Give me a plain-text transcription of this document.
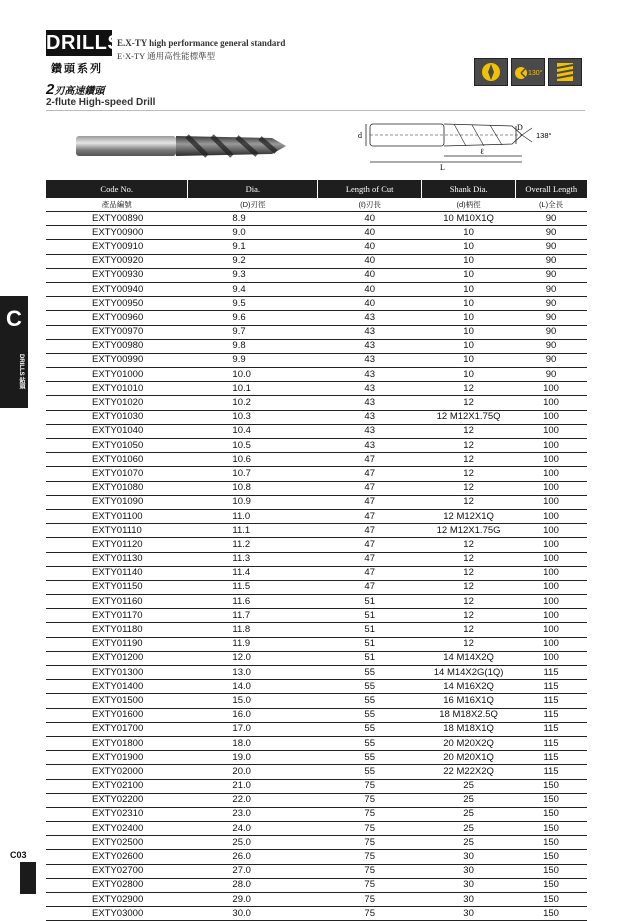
DRILLS
E.X-TY high performance general standard
E·X-TY 通用高性能標準型
鑽頭系列
2刃高速鑽頭
2-flute High-speed Drill
130°
d
D
138°
L
ℓ
C
DRILLS 鉆頭
Code No.	Dia.	Length of Cut	Shank Dia.	Overall Length
產品編號	(D)刃徑	(ℓ)刃長	(d)柄徑	(L)全長
EXTY00890	8.9	40	10 M10X1Q	90
EXTY00900	9.0	40	10	90
EXTY00910	9.1	40	10	90
EXTY00920	9.2	40	10	90
EXTY00930	9.3	40	10	90
EXTY00940	9.4	40	10	90
EXTY00950	9.5	40	10	90
EXTY00960	9.6	43	10	90
EXTY00970	9.7	43	10	90
EXTY00980	9.8	43	10	90
EXTY00990	9.9	43	10	90
EXTY01000	10.0	43	10	90
EXTY01010	10.1	43	12	100
EXTY01020	10.2	43	12	100
EXTY01030	10.3	43	12 M12X1.75Q	100
EXTY01040	10.4	43	12	100
EXTY01050	10.5	43	12	100
EXTY01060	10.6	47	12	100
EXTY01070	10.7	47	12	100
EXTY01080	10.8	47	12	100
EXTY01090	10.9	47	12	100
EXTY01100	11.0	47	12 M12X1Q	100
EXTY01110	11.1	47	12 M12X1.75G	100
EXTY01120	11.2	47	12	100
EXTY01130	11.3	47	12	100
EXTY01140	11.4	47	12	100
EXTY01150	11.5	47	12	100
EXTY01160	11.6	51	12	100
EXTY01170	11.7	51	12	100
EXTY01180	11.8	51	12	100
EXTY01190	11.9	51	12	100
EXTY01200	12.0	51	14 M14X2Q	100
EXTY01300	13.0	55	14 M14X2G(1Q)	115
EXTY01400	14.0	55	14 M16X2Q	115
EXTY01500	15.0	55	16 M16X1Q	115
EXTY01600	16.0	55	18 M18X2.5Q	115
EXTY01700	17.0	55	18 M18X1Q	115
EXTY01800	18.0	55	20 M20X2Q	115
EXTY01900	19.0	55	20 M20X1Q	115
EXTY02000	20.0	55	22 M22X2Q	115
EXTY02100	21.0	75	25	150
EXTY02200	22.0	75	25	150
EXTY02310	23.0	75	25	150
EXTY02400	24.0	75	25	150
EXTY02500	25.0	75	25	150
EXTY02600	26.0	75	30	150
EXTY02700	27.0	75	30	150
EXTY02800	28.0	75	30	150
EXTY02900	29.0	75	30	150
EXTY03000	30.0	75	30	150
C03
